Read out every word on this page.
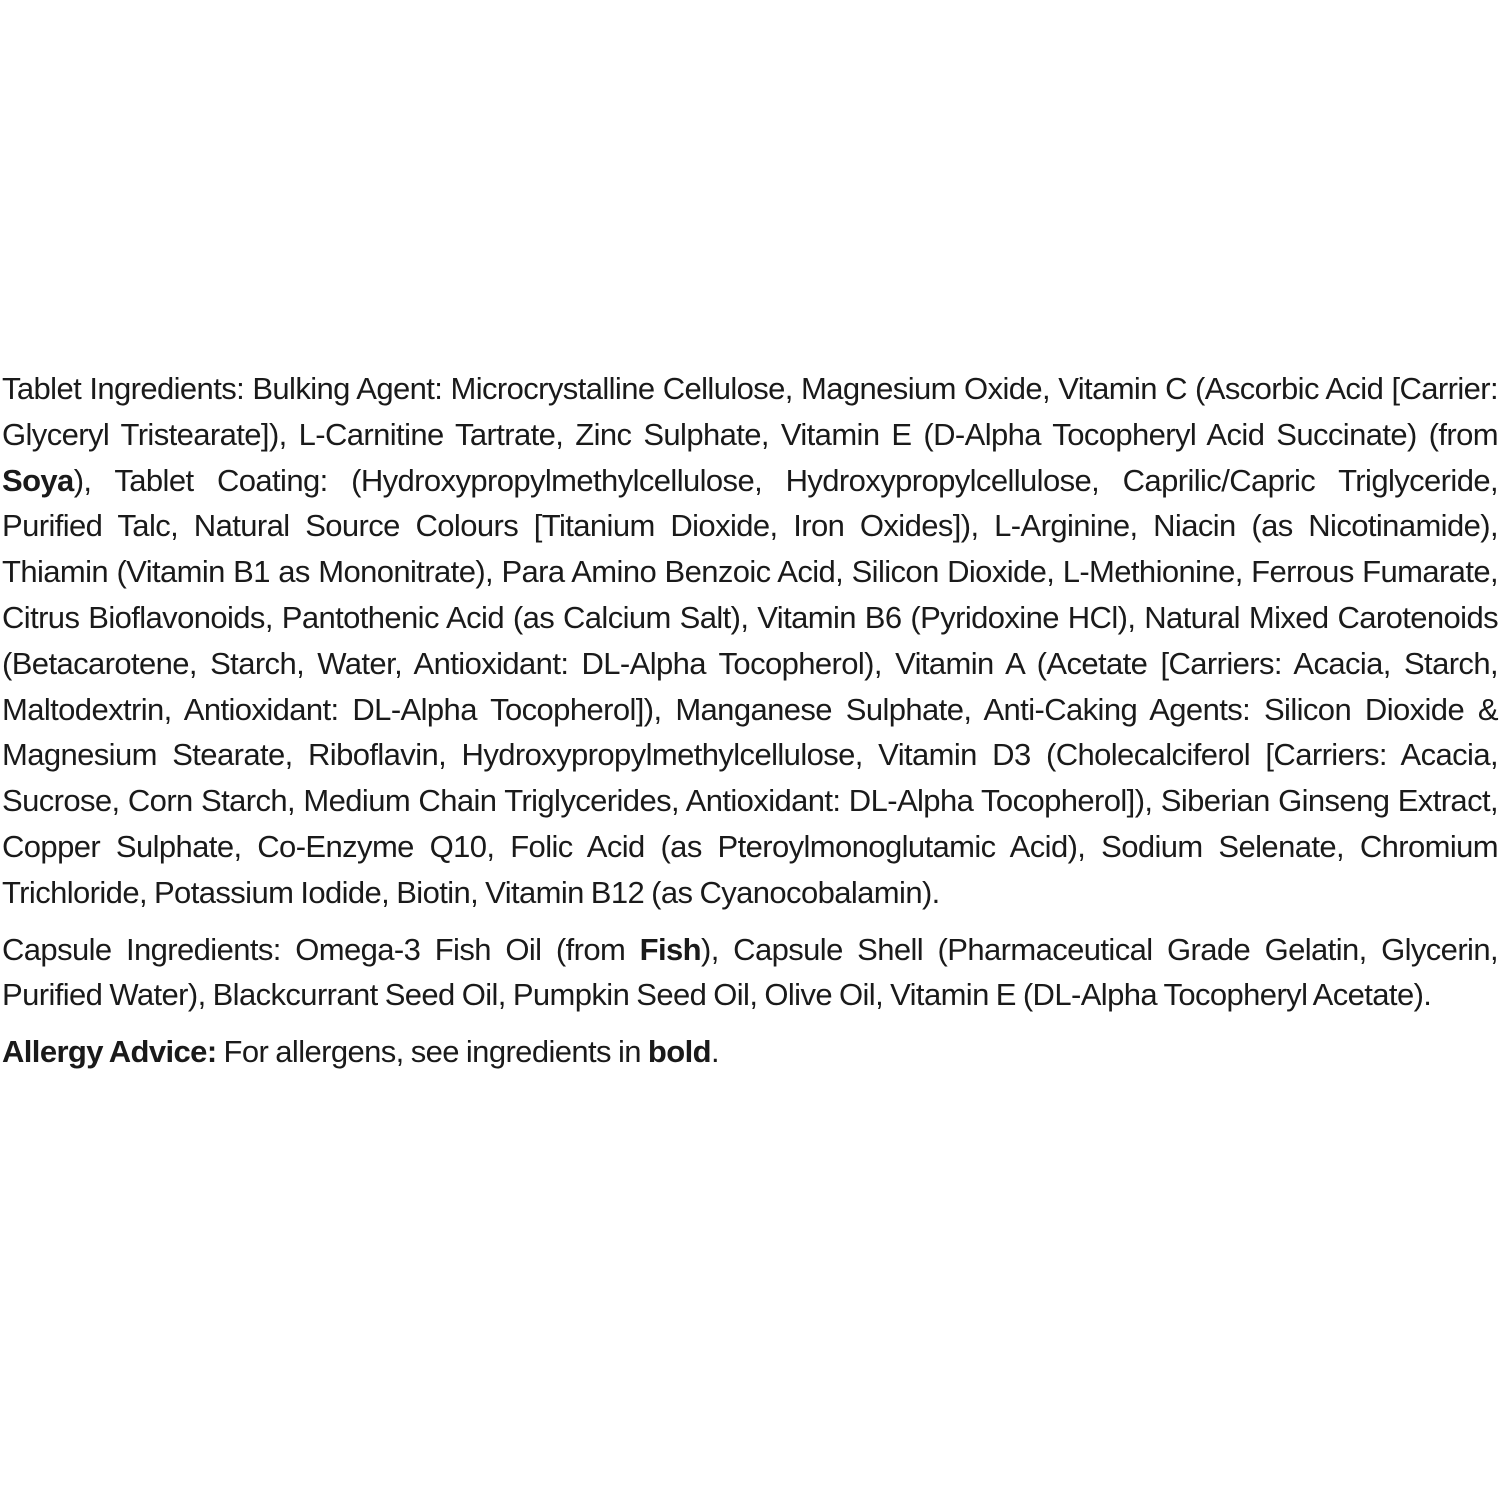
Tablet Ingredients: Bulking Agent: Microcrystalline Cellulose, Magnesium Oxide, Vitamin C (Ascorbic Acid [Carrier: Glyceryl Tristearate]), L-Carnitine Tartrate, Zinc Sulphate, Vitamin E (D-Alpha Tocopheryl Acid Succinate) (from Soya), Tablet Coating: (Hydroxypropylmethylcellulose, Hydroxypropylcellulose, Caprilic/Capric Triglyceride, Purified Talc, Natural Source Colours [Titanium Dioxide, Iron Oxides]), L-Arginine, Niacin (as Nicotinamide), Thiamin (Vitamin B1 as Mononitrate), Para Amino Benzoic Acid, Silicon Dioxide, L-Methionine, Ferrous Fumarate, Citrus Bioflavonoids, Pantothenic Acid (as Calcium Salt), Vitamin B6 (Pyridoxine HCl), Natural Mixed Carotenoids (Betacarotene, Starch, Water, Antioxidant: DL-Alpha Tocopherol), Vitamin A (Acetate [Carriers: Acacia, Starch, Maltodextrin, Antioxidant: DL-Alpha Tocopherol]), Manganese Sulphate, Anti-Caking Agents: Silicon Dioxide & Magnesium Stearate, Riboflavin, Hydroxypropylmethylcellulose, Vitamin D3 (Cholecalciferol [Carriers: Acacia, Sucrose, Corn Starch, Medium Chain Triglycerides, Antioxidant: DL-Alpha Tocopherol]), Siberian Ginseng Extract, Copper Sulphate, Co-Enzyme Q10, Folic Acid (as Pteroylmonoglutamic Acid), Sodium Selenate, Chromium Trichloride, Potassium Iodide, Biotin, Vitamin B12 (as Cyanocobalamin).

Capsule Ingredients: Omega-3 Fish Oil (from Fish), Capsule Shell (Pharmaceutical Grade Gelatin, Glycerin, Purified Water), Blackcurrant Seed Oil, Pumpkin Seed Oil, Olive Oil, Vitamin E (DL-Alpha Tocopheryl Acetate).

Allergy Advice: For allergens, see ingredients in bold.
